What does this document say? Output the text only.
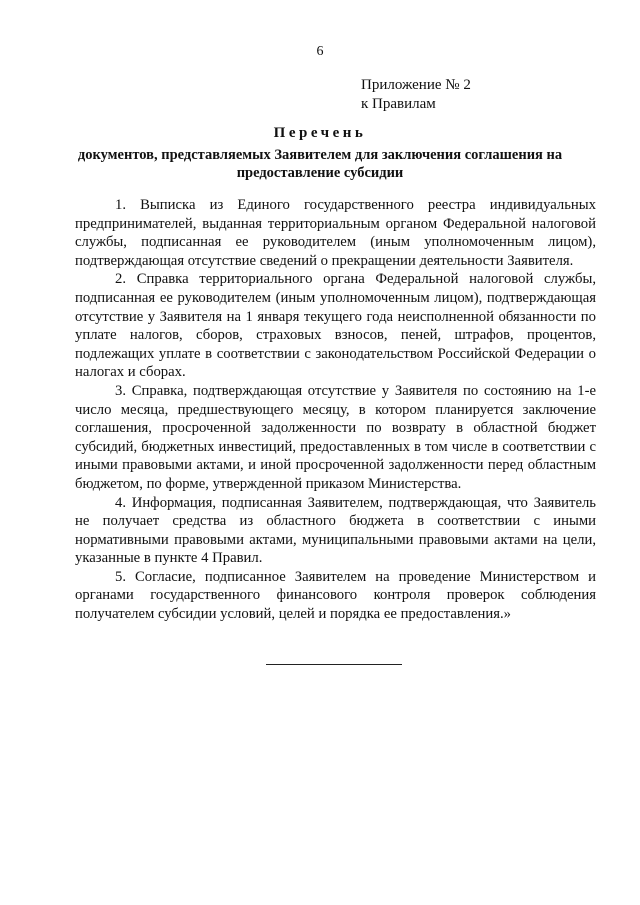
6
Приложение № 2
к Правилам
Перечень
документов, представляемых Заявителем для заключения соглашения на предоставление субсидии

1. Выписка из Единого государственного реестра индивидуальных предпринимателей, выданная территориальным органом Федеральной налоговой службы, подписанная ее руководителем (иным уполномоченным лицом), подтверждающая отсутствие сведений о прекращении деятельности Заявителя.

2. Справка территориального органа Федеральной налоговой службы, подписанная ее руководителем (иным уполномоченным лицом), подтверждающая отсутствие у Заявителя на 1 января текущего года неисполненной обязанности по уплате налогов, сборов, страховых взносов, пеней, штрафов, процентов, подлежащих уплате в соответствии с законодательством Российской Федерации о налогах и сборах.

3. Справка, подтверждающая отсутствие у Заявителя по состоянию на 1-е число месяца, предшествующего месяцу, в котором планируется заключение соглашения, просроченной задолженности по возврату в областной бюджет субсидий, бюджетных инвестиций, предоставленных в том числе в соответствии с иными правовыми актами, и иной просроченной задолженности перед областным бюджетом, по форме, утвержденной приказом Министерства.

4. Информация, подписанная Заявителем, подтверждающая, что Заявитель не получает средства из областного бюджета в соответствии с иными нормативными правовыми актами, муниципальными правовыми актами на цели, указанные в пункте 4 Правил.

5. Согласие, подписанное Заявителем на проведение Министерством и органами государственного финансового контроля проверок соблюдения получателем субсидии условий, целей и порядка ее предоставления.»
